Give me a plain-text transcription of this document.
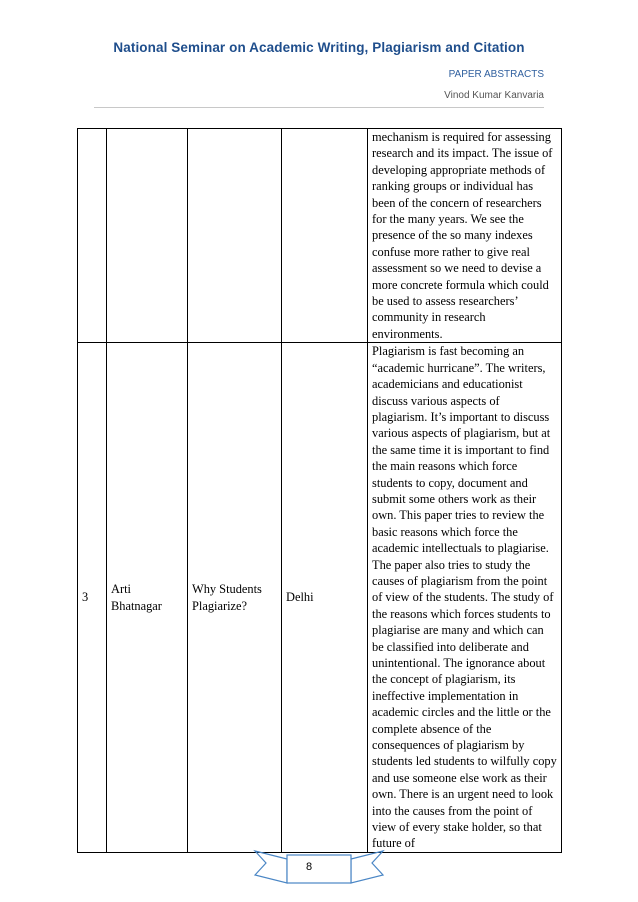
National Seminar on Academic Writing, Plagiarism and Citation
PAPER ABSTRACTS
Vinod Kumar Kanvaria
				mechanism is required for assessing research and its impact. The issue of developing appropriate methods of ranking groups or individual has been of the concern of researchers for the many years. We see the presence of the so many indexes confuse more rather to give real assessment so we need to devise a more concrete formula which could be used to assess researchers’ community in research environments.
3	Arti Bhatnagar	Why Students Plagiarize?	Delhi	Plagiarism is fast becoming an “academic hurricane”. The writers, academicians and educationist discuss various aspects of plagiarism. It’s important to discuss various aspects of plagiarism, but at the same time it is important to find the main reasons which force students to copy, document and submit some others work as their own. This paper tries to review the basic reasons which force the academic intellectuals to plagiarise. The paper also tries to study the causes of plagiarism from the point of view of the students. The study of the reasons which forces students to plagiarise are many and which can be classified into deliberate and unintentional. The ignorance about the concept of plagiarism, its ineffective implementation in academic circles and the little or the complete absence of the consequences of plagiarism by students led students to wilfully copy and use someone else work as their own. There is an urgent need to look into the causes from the point of view of every stake holder, so that future of
8
